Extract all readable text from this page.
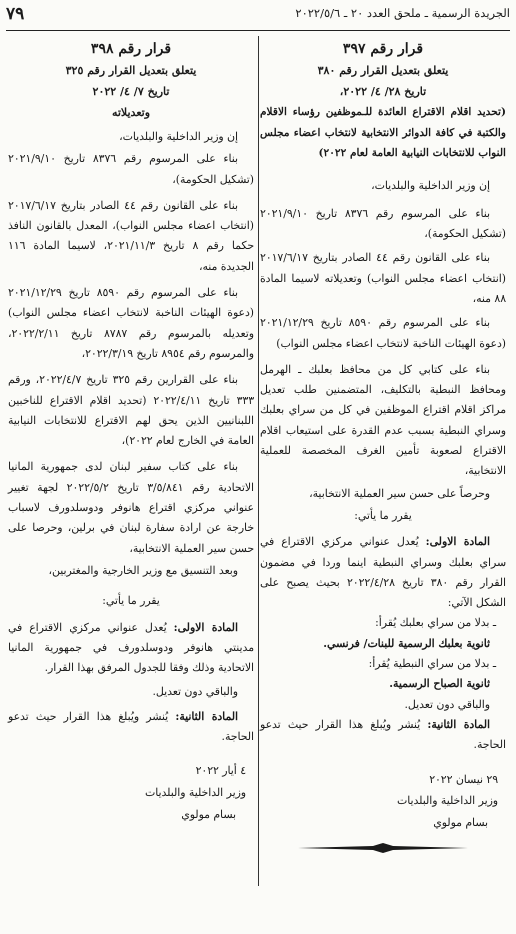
٧٩	الجريدة الرسمية ـ ملحق العدد ٢٠ ـ ٢٠٢٢/٥/٦

قرار رقم ٣٩٧

يتعلق بتعديل القرار رقم ٣٨٠

تاريخ ٢٨/ ٤/ ٢٠٢٢،

(تحديد اقلام الاقتراع العائدة للـموظفين رؤساء الاقلام والكتبة في كافة الدوائر الانتخابية لانتخاب اعضاء مجلس النواب للانتخابات النيابية العامة لعام ٢٠٢٢)

إن وزير الداخلية والبلديات،

بناء على المرسوم رقم ٨٣٧٦ تاريخ ٢٠٢١/٩/١٠ (تشكيل الحكومة)،

بناء على القانون رقم ٤٤ الصادر بتاريخ ٢٠١٧/٦/١٧ (انتخاب اعضاء مجلس النواب) وتعديلاته لاسيما المادة ٨٨ منه،

بناء على المرسوم رقم ٨٥٩٠ تاريخ ٢٠٢١/١٢/٢٩ (دعوة الهيئات الناخبة لانتخاب اعضاء مجلس النواب)

بناء على كتابي كل من محافظ بعلبك ـ الهرمل ومحافظ النبطية بالتكليف، المتضمنين طلب تعديل مراكز اقلام اقتراع الموظفين في كل من سراي بعلبك وسراي النبطية بسبب عدم القدرة على استيعاب اقلام الاقتراع لصعوبة تأمين الغرف المخصصة للعملية الانتخابية،

وحرصاً على حسن سير العملية الانتخابية،

يقرر ما يأتي:

المادة الاولى: يُعدل عنواني مركزي الاقتراع في سراي بعلبك وسراي النبطية اينما وردا في مضمون القرار رقم ٣٨٠ تاريخ ٢٠٢٢/٤/٢٨ بحيث يصبح على الشكل الآتي:

ـ بدلا من سراي بعلبك يُقرأ:

ثانوية بعلبك الرسمية للبنات/ فرنسي.

ـ بدلا من سراي النبطية يُقرأ:

ثانوية الصباح الرسمية.

والباقي دون تعديل.

المادة الثانية: يُنشر ويُبلغ هذا القرار حيث تدعو الحاجة.

٢٩ نيسان ٢٠٢٢

وزير الداخلية والبلديات

بسام مولوي

قرار رقم ٣٩٨

يتعلق بتعديل القرار رقم ٣٢٥

تاريخ ٧/ ٤/ ٢٠٢٢

وتعديلاته

إن وزير الداخلية والبلديات،

بناء على المرسوم رقم ٨٣٧٦ تاريخ ٢٠٢١/٩/١٠ (تشكيل الحكومة)،

بناء على القانون رقم ٤٤ الصادر بتاريخ ٢٠١٧/٦/١٧ (انتخاب اعضاء مجلس النواب)، المعدل بالقانون النافذ حكما رقم ٨ تاريخ ٢٠٢١/١١/٣، لاسيما المادة ١١٦ الجديدة منه،

بناء على المرسوم رقم ٨٥٩٠ تاريخ ٢٠٢١/١٢/٢٩ (دعوة الهيئات الناخبة لانتخاب اعضاء مجلس النواب) وتعديله بالمرسوم رقم ٨٧٨٧ تاريخ ٢٠٢٢/٢/١١، والمرسوم رقم ٨٩٥٤ تاريخ ٢٠٢٢/٣/١٩،

بناء على القرارين رقم ٣٢٥ تاريخ ٢٠٢٢/٤/٧، ورقم ٣٣٣ تاريخ ٢٠٢٢/٤/١١ (تحديد اقلام الاقتراع للناخبين اللبنانيين الذين يحق لهم الاقتراع للانتخابات النيابية العامة في الخارج لعام ٢٠٢٢)،

بناء على كتاب سفير لبنان لدى جمهورية المانيا الاتحادية رقم ٣/٥/٨٤١ تاريخ ٢٠٢٢/٥/٢ لجهة تغيير عنواني مركزي اقتراع هانوفر ودوسلدورف لاسباب خارجة عن ارادة سفارة لبنان في برلين، وحرصا على حسن سير العملية الانتخابية،

وبعد التنسيق مع وزير الخارجية والمغتربين،

يقرر ما يأتي:

المادة الاولى: يُعدل عنواني مركزي الاقتراع في مدينتي هانوفر ودوسلدورف في جمهورية المانيا الاتحادية وذلك وفقا للجدول المرفق بهذا القرار.

والباقي دون تعديل.

المادة الثانية: يُنشر ويُبلغ هذا القرار حيث تدعو الحاجة.

٤ أيار ٢٠٢٢

وزير الداخلية والبلديات

بسام مولوي
